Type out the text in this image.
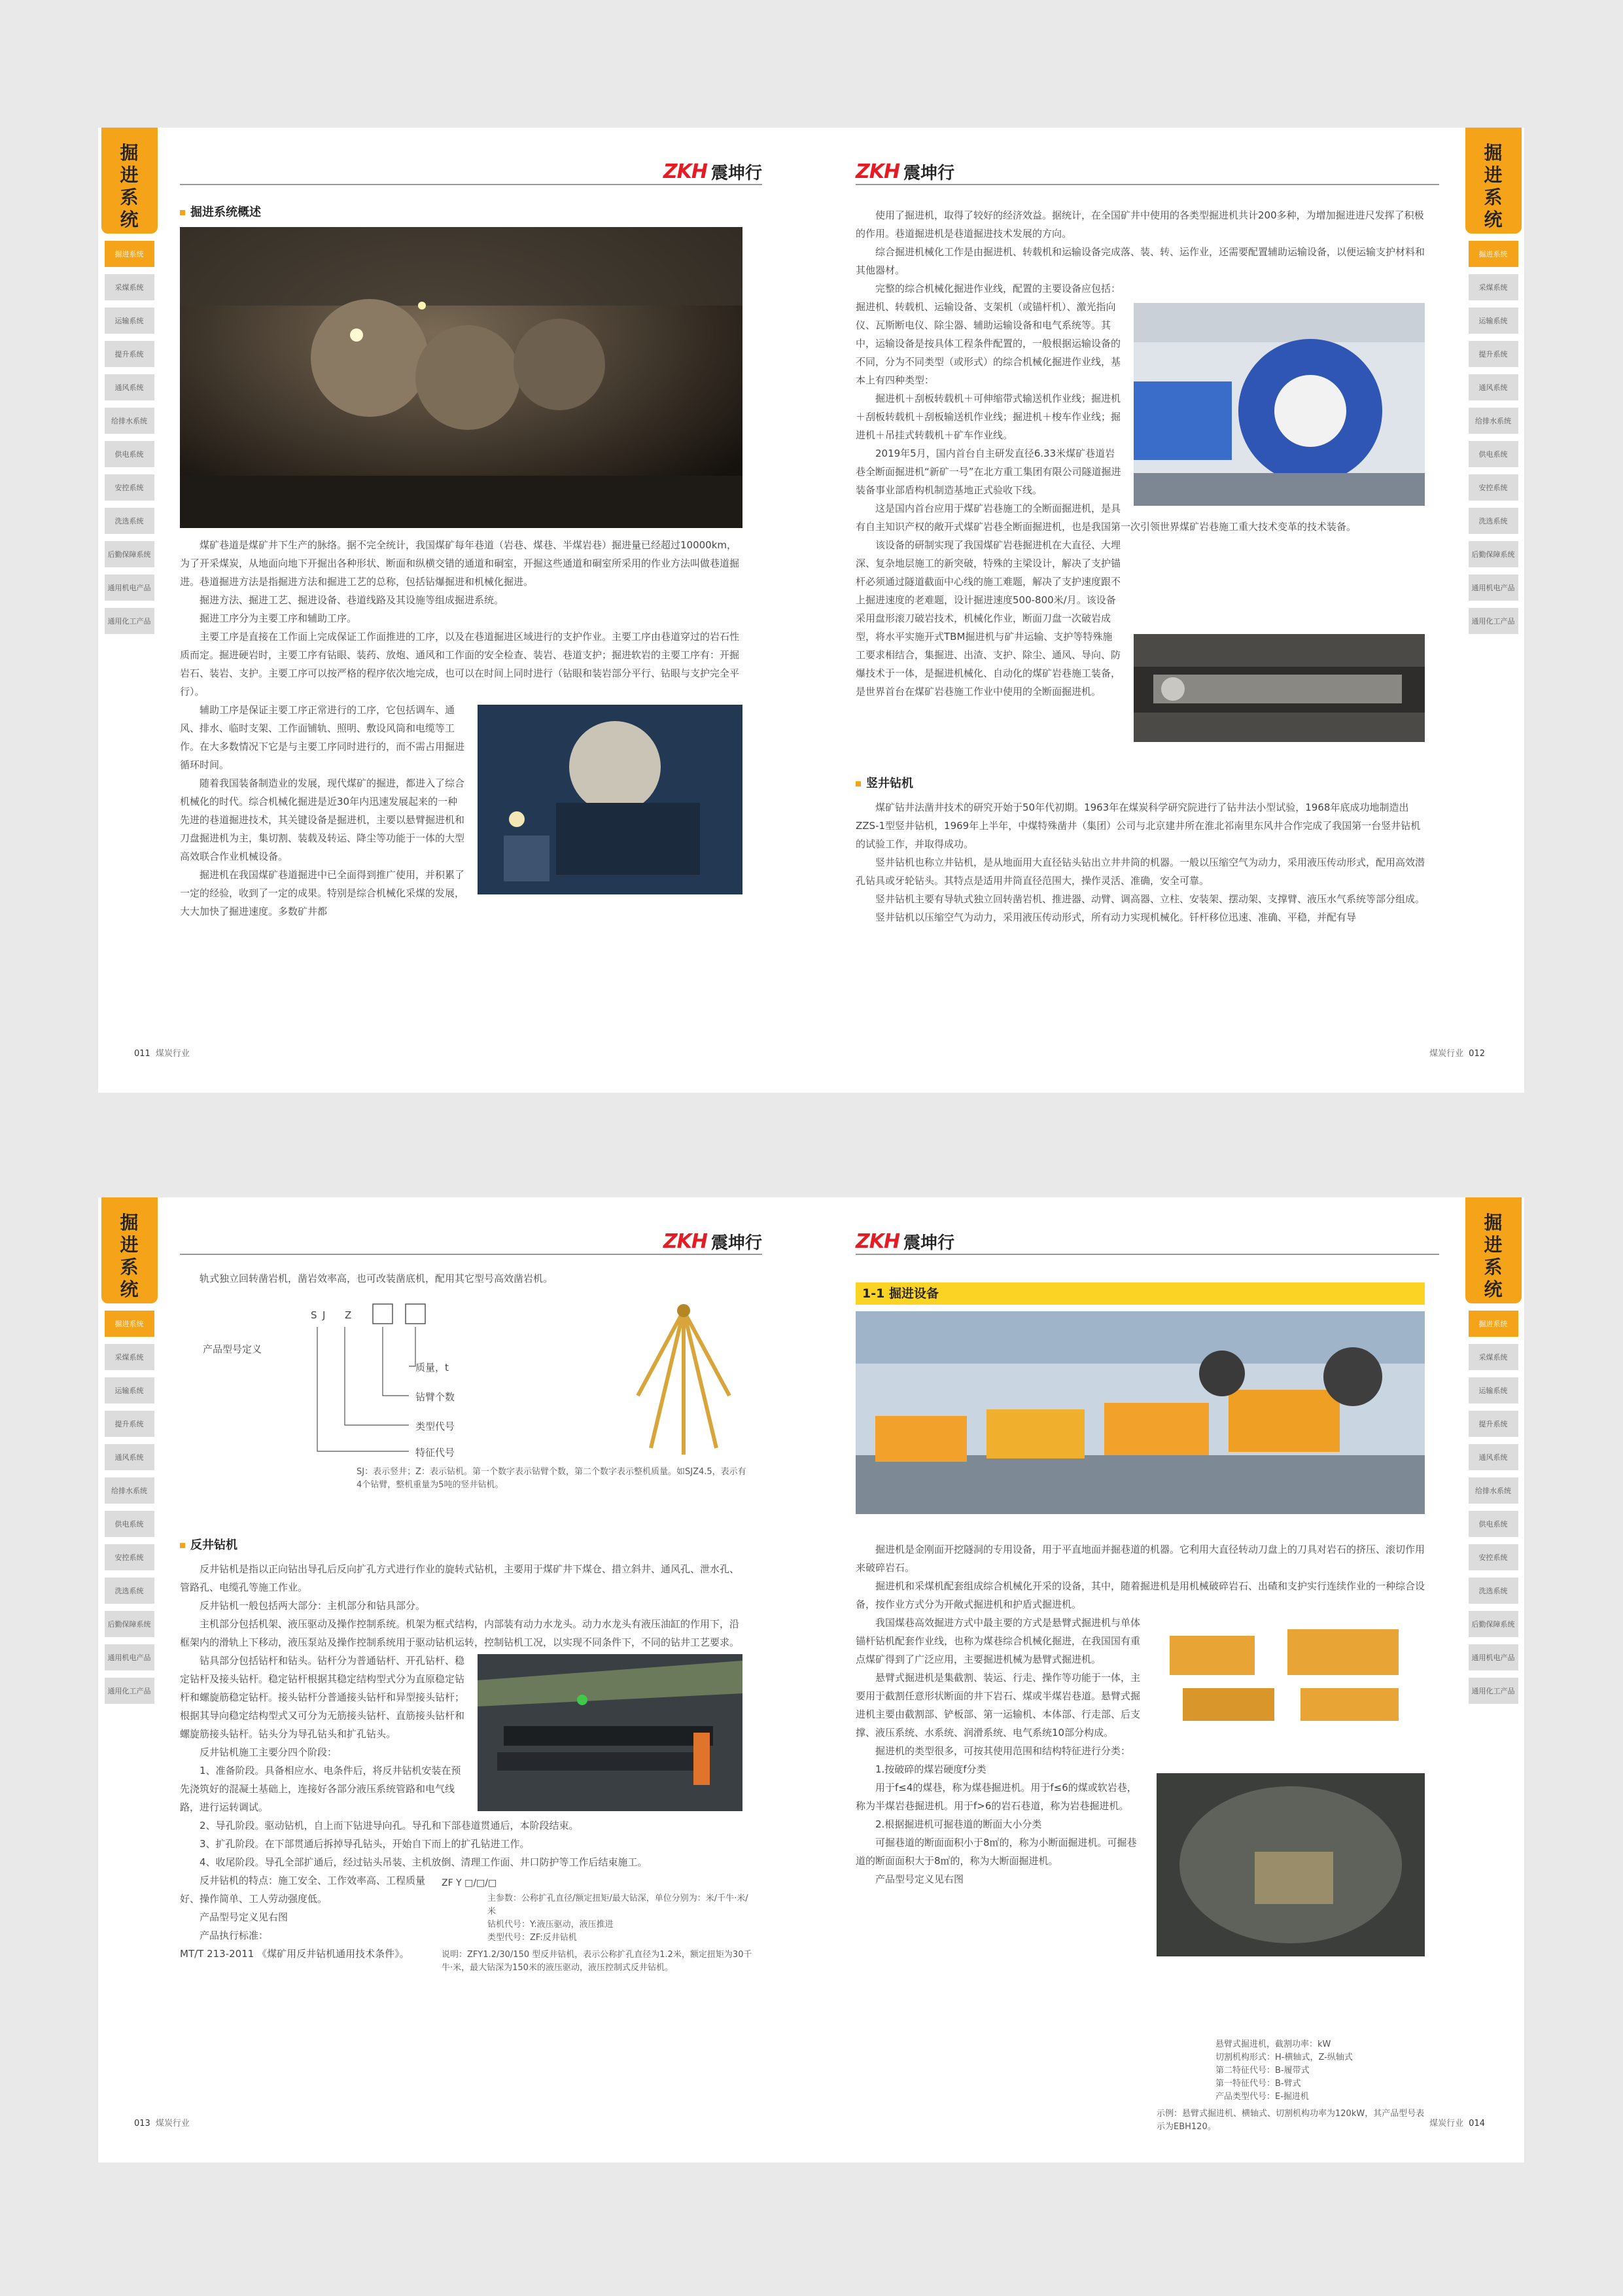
掘
进
系
统
掘进系统
采煤系统
运输系统
提升系统
通风系统
给排水系统
供电系统
安控系统
洗选系统
后勤保障系统
通用机电产品
通用化工产品
ZKH 震坤行
掘进系统概述

煤矿巷道是煤矿井下生产的脉络。据不完全统计，我国煤矿每年巷道（岩巷、煤巷、半煤岩巷）掘进量已经超过10000km，为了开采煤炭，从地面向地下开掘出各种形状、断面和纵横交错的通道和硐室，开掘这些通道和硐室所采用的作业方法叫做巷道掘进。巷道掘进方法是指掘进方法和掘进工艺的总称，包括钻爆掘进和机械化掘进。

掘进方法、掘进工艺、掘进设备、巷道线路及其设施等组成掘进系统。

掘进工序分为主要工序和辅助工序。

主要工序是直接在工作面上完成保证工作面推进的工序，以及在巷道掘进区域进行的支护作业。主要工序由巷道穿过的岩石性质而定。掘进硬岩时，主要工序有钻眼、装药、放炮、通风和工作面的安全检查、装岩、巷道支护；掘进软岩的主要工序有：开掘岩石、装岩、支护。主要工序可以按严格的程序依次地完成，也可以在时间上同时进行（钻眼和装岩部分平行、钻眼与支护完全平行）。

辅助工序是保证主要工序正常进行的工序，它包括调车、通风、排水、临时支架、工作面铺轨、照明、敷设风筒和电缆等工作。在大多数情况下它是与主要工序同时进行的，而不需占用掘进循环时间。

随着我国装备制造业的发展，现代煤矿的掘进，都进入了综合机械化的时代。综合机械化掘进是近30年内迅速发展起来的一种先进的巷道掘进技术，其关键设备是掘进机，主要以悬臂掘进机和刀盘掘进机为主，集切割、装载及转运、降尘等功能于一体的大型高效联合作业机械设备。

掘进机在我国煤矿巷道掘进中已全面得到推广使用，并积累了一定的经验，收到了一定的成果。特别是综合机械化采煤的发展，大大加快了掘进速度。多数矿井都

011 煤炭行业
掘
进
系
统
掘进系统
采煤系统
运输系统
提升系统
通风系统
给排水系统
供电系统
安控系统
洗选系统
后勤保障系统
通用机电产品
通用化工产品
ZKH 震坤行

使用了掘进机，取得了较好的经济效益。据统计，在全国矿井中使用的各类型掘进机共计200多种，为增加掘进进尺发挥了积极的作用。巷道掘进机是巷道掘进技术发展的方向。

综合掘进机械化工作是由掘进机、转载机和运输设备完成落、装、转、运作业，还需要配置辅助运输设备，以便运输支护材料和其他器材。

完整的综合机械化掘进作业线，配置的主要设备应包括：掘进机、转载机、运输设备、支架机（或锚杆机）、激光指向仪、瓦斯断电仪、除尘器、辅助运输设备和电气系统等。其中，运输设备是按具体工程条件配置的，一般根据运输设备的不同，分为不同类型（或形式）的综合机械化掘进作业线，基本上有四种类型：

掘进机＋刮板转载机＋可伸缩带式输送机作业线；掘进机＋刮板转载机＋刮板输送机作业线；掘进机＋梭车作业线；掘进机＋吊挂式转载机＋矿车作业线。

2019年5月，国内首台自主研发直径6.33米煤矿巷道岩巷全断面掘进机“新矿一号”在北方重工集团有限公司隧道掘进装备事业部盾构机制造基地正式验收下线。

这是国内首台应用于煤矿岩巷施工的全断面掘进机，是具有自主知识产权的敞开式煤矿岩巷全断面掘进机，也是我国第一次引领世界煤矿岩巷施工重大技术变革的技术装备。

该设备的研制实现了我国煤矿岩巷掘进机在大直径、大埋深、复杂地层施工的新突破，特殊的主梁设计，解决了支护锚杆必须通过隧道截面中心线的施工难题，解决了支护速度跟不上掘进速度的老难题，设计掘进速度500-800米/月。该设备采用盘形滚刀破岩技术，机械化作业，断面刀盘一次破岩成型，将水平实施开式TBM掘进机与矿井运输、支护等特殊施工要求相结合，集掘进、出渣、支护、除尘、通风、导向、防爆技术于一体，是掘进机械化、自动化的煤矿岩巷施工装备，是世界首台在煤矿岩巷施工作业中使用的全断面掘进机。

竖井钻机

煤矿钻井法凿井技术的研究开始于50年代初期。1963年在煤炭科学研究院进行了钻井法小型试验，1968年底成功地制造出ZZS-1型竖井钻机，1969年上半年，中煤特殊凿井（集团）公司与北京建井所在淮北祁南里东风井合作完成了我国第一台竖井钻机的试验工作，并取得成功。

竖井钻机也称立井钻机，是从地面用大直径钻头钻出立井井筒的机器。一般以压缩空气为动力，采用液压传动形式，配用高效潜孔钻具或牙轮钻头。其特点是适用井筒直径范围大，操作灵活、准确，安全可靠。

竖井钻机主要有导轨式独立回转凿岩机、推进器、动臂、调高器、立柱、安装架、摆动架、支撑臂、液压水气系统等部分组成。

竖井钻机以压缩空气为动力，采用液压传动形式，所有动力实现机械化。钎杆移位迅速、准确、平稳，并配有导

煤炭行业 012
掘
进
系
统
掘进系统
采煤系统
运输系统
提升系统
通风系统
给排水系统
供电系统
安控系统
洗选系统
后勤保障系统
通用机电产品
通用化工产品
ZKH 震坤行

轨式独立回转凿岩机，凿岩效率高，也可改装凿底机，配用其它型号高效凿岩机。

产品型号定义
S J Z
质量，t
钻臂个数
类型代号
特征代号
SJ：表示竖井；Z：表示钻机。第一个数字表示钻臂个数，第二个数字表示整机质量。如SJZ4.5，表示有4个钻臂，整机重量为5吨的竖井钻机。
反井钻机

反井钻机是指以正向钻出导孔后反向扩孔方式进行作业的旋转式钻机，主要用于煤矿井下煤仓、措立斜井、通风孔、泄水孔、管路孔、电缆孔等施工作业。

反井钻机一般包括两大部分：主机部分和钻具部分。

主机部分包括机架、液压驱动及操作控制系统。机架为框式结构，内部装有动力水龙头。动力水龙头有液压油缸的作用下，沿框架内的滑轨上下移动，液压泵站及操作控制系统用于驱动钻机运转，控制钻机工况，以实现不同条件下，不同的钻井工艺要求。

钻具部分包括钻杆和钻头。钻杆分为普通钻杆、开孔钻杆、稳定钻杆及接头钻杆。稳定钻杆根据其稳定结构型式分为直原稳定钻杆和螺旋筋稳定钻杆。接头钻杆分普通接头钻杆和异型接头钻杆；根据其导向稳定结构型式又可分为无筋接头钻杆、直筋接头钻杆和螺旋筋接头钻杆。钻头分为导孔钻头和扩孔钻头。

反井钻机施工主要分四个阶段：

1、准备阶段。具备相应水、电条件后，将反井钻机安装在预先浇筑好的混凝土基础上，连接好各部分液压系统管路和电气线路，进行运转调试。

2、导孔阶段。驱动钻机，自上而下钻进导向孔。导孔和下部巷道贯通后，本阶段结束。

3、扩孔阶段。在下部贯通后拆掉导孔钻头，开始自下而上的扩孔钻进工作。

4、收尾阶段。导孔全部扩通后，经过钻头吊装、主机放倒、清理工作面、井口防护等工作后结束施工。

反井钻机的特点：施工安全、工作效率高、工程质量好、操作简单、工人劳动强度低。

产品型号定义见右图

产品执行标准：

MT/T 213-2011 《煤矿用反井钻机通用技术条件》。

ZF Y □/□/□
主参数：公称扩孔直径/额定扭矩/最大钻深，单位分别为：米/千牛·米/米
钻机代号：Y:液压驱动，液压推进
类型代号：ZF:反井钻机
说明：ZFY1.2/30/150 型反井钻机，表示公称扩孔直径为1.2米，额定扭矩为30千牛·米，最大钻深为150米的液压驱动，液压控制式反井钻机。
013 煤炭行业
掘
进
系
统
掘进系统
采煤系统
运输系统
提升系统
通风系统
给排水系统
供电系统
安控系统
洗选系统
后勤保障系统
通用机电产品
通用化工产品
ZKH 震坤行
1-1 掘进设备

掘进机是金刚面开挖隧洞的专用设备，用于平直地面并掘巷道的机器。它利用大直径转动刀盘上的刀具对岩石的挤压、滚切作用来破碎岩石。

掘进机和采煤机配套组成综合机械化开采的设备，其中，随着掘进机是用机械破碎岩石、出碴和支护实行连续作业的一种综合设备，按作业方式分为开敞式掘进机和护盾式掘进机。

我国煤巷高效掘进方式中最主要的方式是悬臂式掘进机与单体锚杆钻机配套作业线，也称为煤巷综合机械化掘进，在我国国有重点煤矿得到了广泛应用，主要掘进机械为悬臂式掘进机。

悬臂式掘进机是集截割、装运、行走、操作等功能于一体，主要用于截割任意形状断面的井下岩石、煤或半煤岩巷道。悬臂式掘进机主要由截割部、铲板部、第一运输机、本体部、行走部、后支撑、液压系统、水系统、润滑系统、电气系统10部分构成。

掘进机的类型很多，可按其使用范围和结构特征进行分类：

1.按破碎的煤岩硬度f分类

用于f≤4的煤巷，称为煤巷掘进机。用于f≤6的煤或软岩巷，称为半煤岩巷掘进机。用于f>6的岩石巷道，称为岩巷掘进机。

2.根据掘进机可掘巷道的断面大小分类

可掘巷道的断面面积小于8㎡的，称为小断面掘进机。可掘巷道的断面面积大于8㎡的，称为大断面掘进机。

产品型号定义见右图

悬臂式掘进机，截割功率：kW
切割机构形式：H-横轴式，Z-纵轴式
第二特征代号：B-履带式
第一特征代号：B-臂式
产品类型代号：E-掘进机
示例：悬臂式掘进机、横轴式、切割机构功率为120kW，其产品型号表示为EBH120。	煤炭行业 014
